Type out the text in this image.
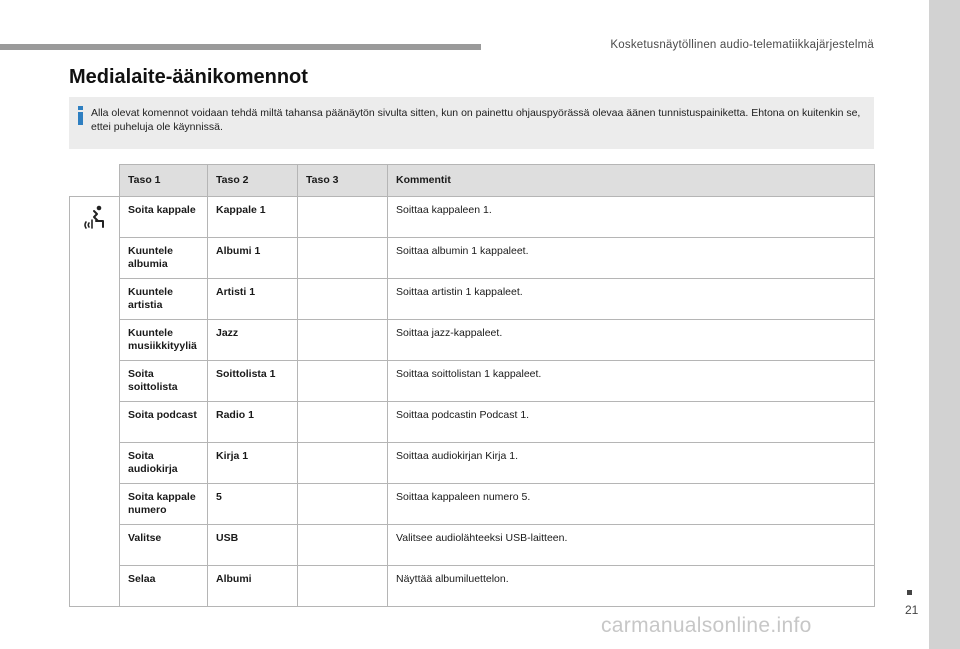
Kosketusnäytöllinen audio-telematiikkajärjestelmä
Medialaite-äänikomennot
Alla olevat komennot voidaan tehdä miltä tahansa päänäytön sivulta sitten, kun on painettu ohjauspyörässä olevaa äänen tunnistuspainiketta. Ehtona on kuitenkin se, ettei puheluja ole käynnissä.
	Taso 1	Taso 2	Taso 3	Kommentit
	Soita kappale	Kappale 1		Soittaa kappaleen 1.
	Kuuntele albumia	Albumi 1		Soittaa albumin 1 kappaleet.
	Kuuntele artistia	Artisti 1		Soittaa artistin 1 kappaleet.
	Kuuntele musiikkityyliä	Jazz		Soittaa jazz-kappaleet.
	Soita soittolista	Soittolista 1		Soittaa soittolistan 1 kappaleet.
	Soita podcast	Radio 1		Soittaa podcastin Podcast 1.
	Soita audiokirja	Kirja 1		Soittaa audiokirjan Kirja 1.
	Soita kappale numero	5		Soittaa kappaleen numero 5.
	Valitse	USB		Valitsee audiolähteeksi USB-laitteen.
	Selaa	Albumi		Näyttää albumiluettelon.
21
carmanualsonline.info
